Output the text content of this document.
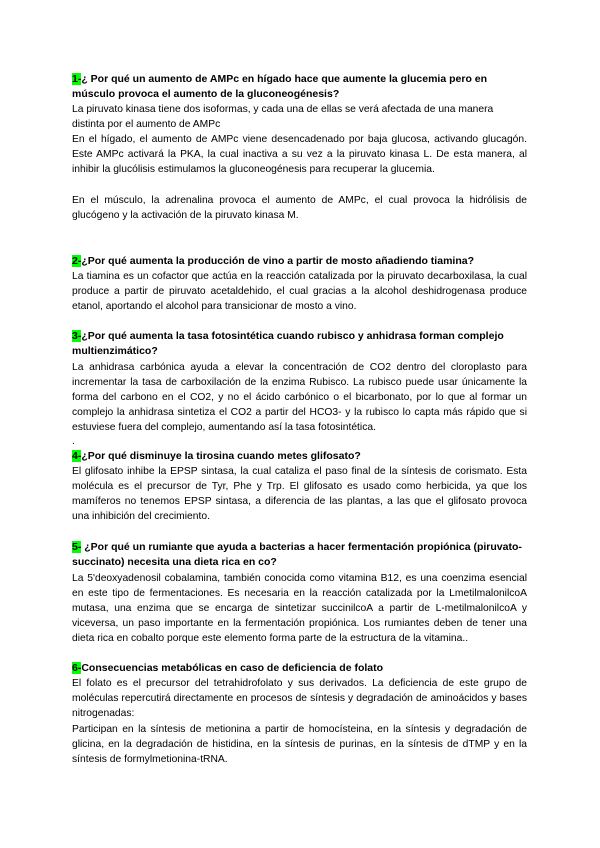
1-¿ Por qué un aumento de AMPc en hígado hace que aumente la glucemia pero en músculo provoca el aumento de la gluconeogénesis?
La piruvato kinasa tiene dos isoformas, y cada una de ellas se verá afectada de una manera distinta por el aumento de AMPc
En el hígado, el aumento de AMPc viene desencadenado por baja glucosa, activando glucagón. Este AMPc activará la PKA, la cual inactiva a su vez a la piruvato kinasa L. De esta manera, al inhibir la glucólisis estimulamos la gluconeogénesis para recuperar la glucemia.
En el músculo, la adrenalina provoca el aumento de AMPc, el cual provoca la hidrólisis de glucógeno y la activación de la piruvato kinasa M.
2-¿Por qué aumenta la producción de vino a partir de mosto añadiendo tiamina?
La tiamina es un cofactor que actúa en la reacción catalizada por la piruvato decarboxilasa, la cual produce a partir de piruvato acetaldehido, el cual gracias a la alcohol deshidrogenasa produce etanol, aportando el alcohol para transicionar de mosto a vino.
3-¿Por qué aumenta la tasa fotosintética cuando rubisco y anhidrasa forman complejo multienzimático?
La anhidrasa carbónica ayuda a elevar la concentración de CO2 dentro del cloroplasto para incrementar la tasa de carboxilación de la enzima Rubisco. La rubisco puede usar únicamente la forma del carbono en el CO2, y no el ácido carbónico o el bicarbonato, por lo que al formar un complejo la anhidrasa sintetiza el CO2 a partir del HCO3- y la rubisco lo capta más rápido que si estuviese fuera del complejo, aumentando así la tasa fotosintética.
.
4-¿Por qué disminuye la tirosina cuando metes glifosato?
El glifosato inhibe la EPSP sintasa, la cual cataliza el paso final de la síntesis de corismato. Esta molécula es el precursor de Tyr, Phe y Trp. El glifosato es usado como herbicida, ya que los mamíferos no tenemos EPSP sintasa, a diferencia de las plantas, a las que el glifosato provoca una inhibición del crecimiento.
5- ¿Por qué un rumiante que ayuda a bacterias a hacer fermentación propiónica (piruvato-succinato) necesita una dieta rica en co?
La 5'deoxyadenosil cobalamina, también conocida como vitamina B12, es una coenzima esencial en este tipo de fermentaciones. Es necesaria en la reacción catalizada por la LmetilmalonilcoA mutasa, una enzima que se encarga de sintetizar succinilcoA a partir de L-metilmalonilcoA y viceversa, un paso importante en la fermentación propiónica. Los rumiantes deben de tener una dieta rica en cobalto porque este elemento forma parte de la estructura de la vitamina..
6-Consecuencias metabólicas en caso de deficiencia de folato
El folato es el precursor del tetrahidrofolato y sus derivados. La deficiencia de este grupo de moléculas repercutirá directamente en procesos de síntesis y degradación de aminoácidos y bases nitrogenadas:
Participan en la síntesis de metionina a partir de homocísteina, en la síntesis y degradación de glicina, en la degradación de histidina, en la síntesis de purinas, en la síntesis de dTMP y en la síntesis de formylmetionina-tRNA.
